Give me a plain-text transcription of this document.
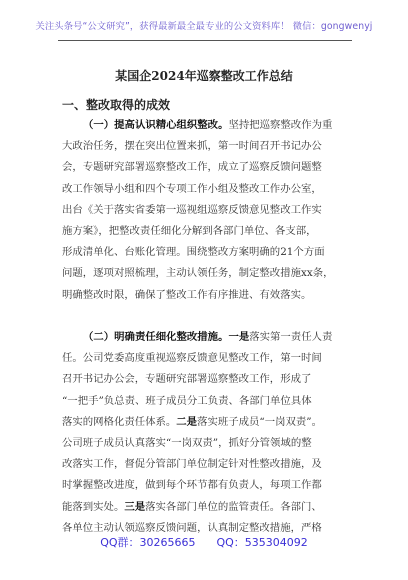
关注头条号“公文研究”，获得最新最全最专业的公文资料库！ 微信：gongwenyj
某国企2024年巡察整改工作总结
一、整改取得的成效
（一）提高认识精心组织整改。坚持把巡察整改作为重
大政治任务，摆在突出位置来抓，第一时间召开书记办公
会，专题研究部署巡察整改工作，成立了巡察反馈问题整
改工作领导小组和四个专项工作小组及整改工作办公室，
出台《关于落实省委第一巡视组巡察反馈意见整改工作实
施方案》，把整改责任细化分解到各部门单位、各支部，
形成清单化、台账化管理。围绕整改方案明确的21个方面
问题，逐项对照梳理，主动认领任务，制定整改措施xx条，
明确整改时限，确保了整改工作有序推进、有效落实。
（二）明确责任细化整改措施。一是落实第一责任人责
任。公司党委高度重视巡察反馈意见整改工作，第一时间
召开书记办公会，专题研究部署巡察整改工作，形成了
“一把手”负总责、班子成员分工负责、各部门单位具体
落实的网格化责任体系。二是落实班子成员“一岗双责”。
公司班子成员认真落实“一岗双责”，抓好分管领域的整
改落实工作，督促分管部门单位制定针对性整改措施，及
时掌握整改进度，做到每个环节都有负责人，每项工作都
能落到实处。三是落实各部门单位的监管责任。各部门、
各单位主动认领巡察反馈问题，认真制定整改措施，严格
QQ群：30265665 QQ：535304092
